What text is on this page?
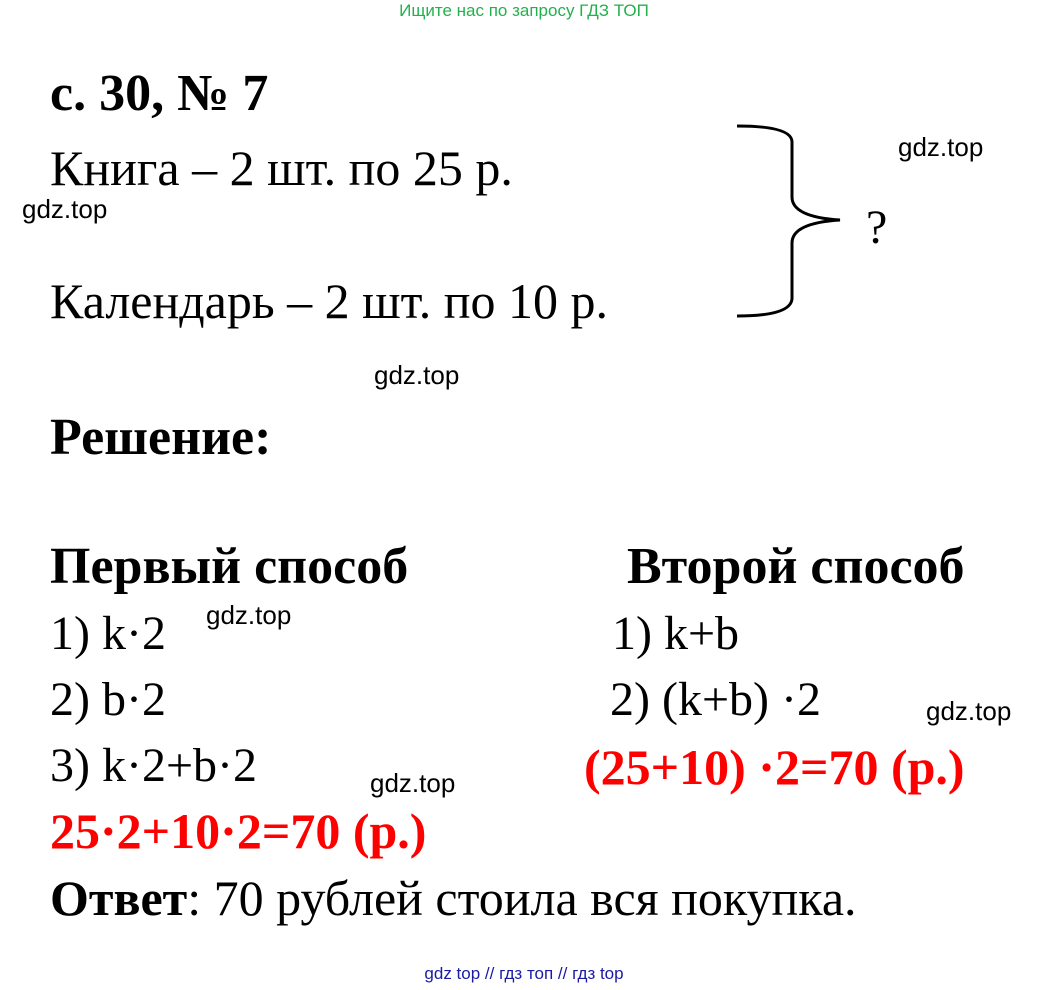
Ищите нас по запросу ГДЗ ТОП
с. 30, № 7
Книга – 2 шт. по 25 р.
Календарь – 2 шт. по 10 р.
?
gdz.top
gdz.top
gdz.top
gdz.top
gdz.top
gdz.top
Решение:
Первый способ	Второй способ
1) k·2
2) b·2
3) k·2+b·2
25·2+10·2=70 (р.)
1) k+b
2) (k+b) ·2
(25+10) ·2=70 (р.)
Ответ: 70 рублей стоила вся покупка.
gdz top // гдз топ // гдз top
